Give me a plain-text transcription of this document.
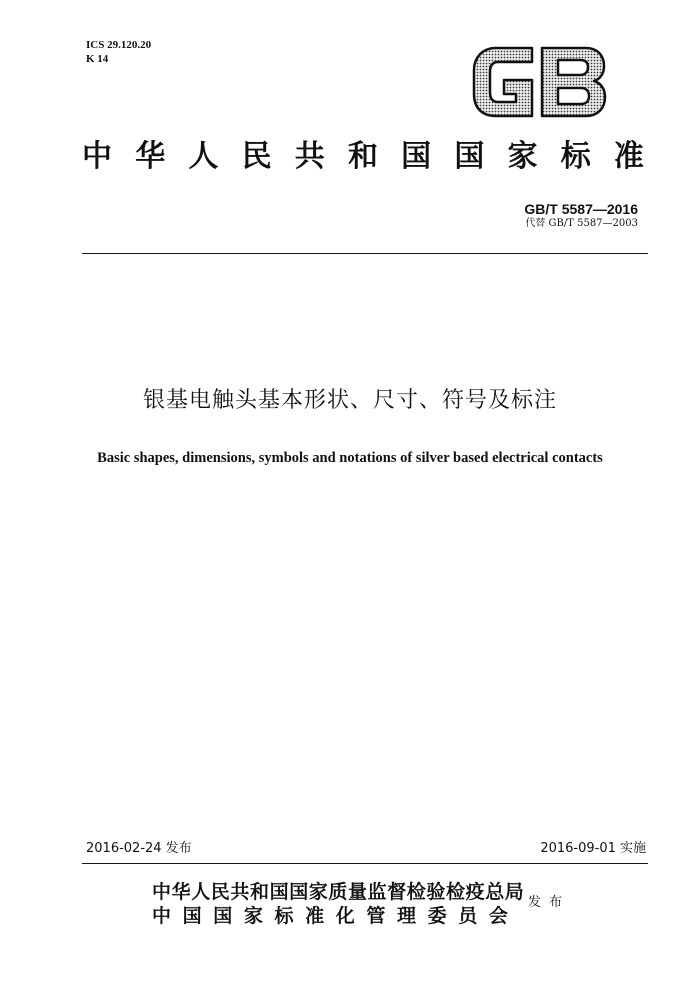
ICS 29.120.20
K 14
中 华 人 民 共 和 国 国 家 标 准
GB/T 5587—2016
代替 GB/T 5587—2003
银基电触头基本形状、尺寸、符号及标注
Basic shapes, dimensions, symbols and notations of silver based electrical contacts
2016-02-24 发布	2016-09-01 实施
中华人民共和国国家质量监督检验检疫总局
中 国 国 家 标 准 化 管 理 委 员 会
发布
